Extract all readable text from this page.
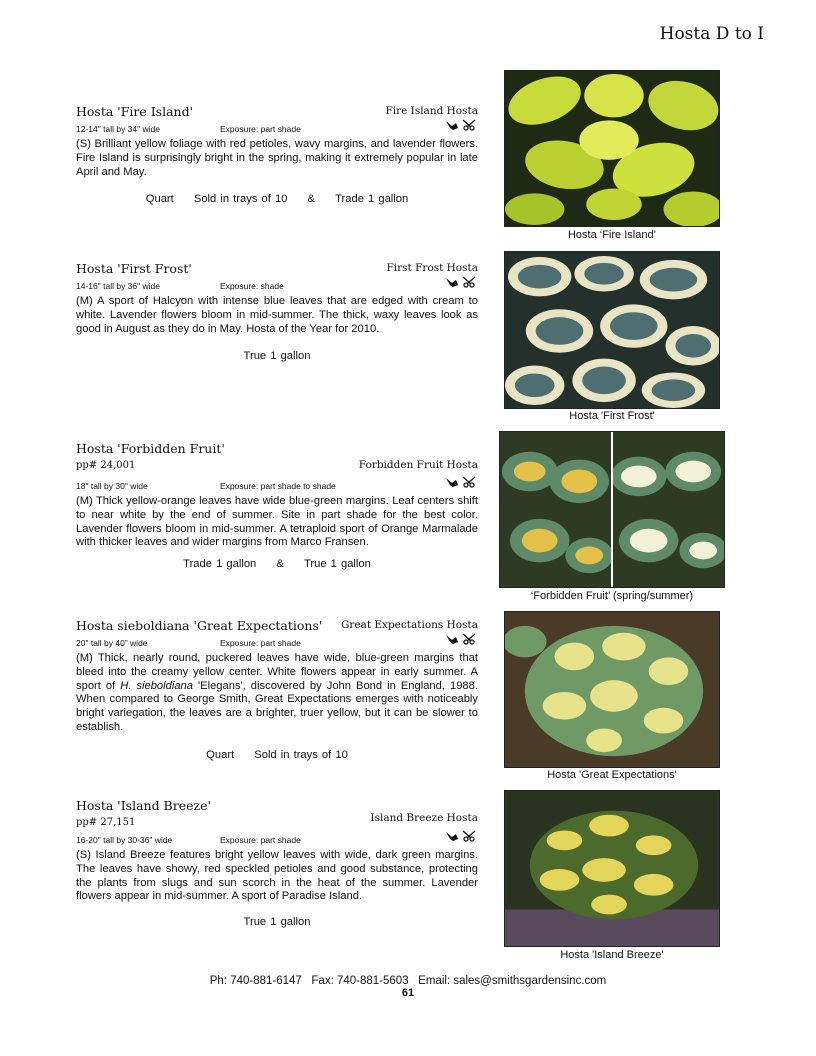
Hosta D to I
Hosta 'Fire Island'	Fire Island Hosta
12-14" tall by 34" wide	Exposure: part shade
(S) Brilliant yellow foliage with red petioles, wavy margins, and lavender flowers. Fire Island is surprisingly bright in the spring, making it extremely popular in late April and May.
Quart Sold in trays of 10 & Trade 1 gallon
Hosta ‘Fire Island’
Hosta 'First Frost'	First Frost Hosta
14-16" tall by 36" wide	Exposure: shade
(M) A sport of Halcyon with intense blue leaves that are edged with cream to white. Lavender flowers bloom in mid-summer. The thick, waxy leaves look as good in August as they do in May. Hosta of the Year for 2010.
True 1 gallon
Hosta 'First Frost'
Hosta 'Forbidden Fruit'
pp# 24,001	Forbidden Fruit Hosta
18" tall by 30" wide	Exposure: part shade to shade
(M) Thick yellow-orange leaves have wide blue-green margins. Leaf centers shift to near white by the end of summer. Site in part shade for the best color. Lavender flowers bloom in mid-summer. A tetraploid sport of Orange Marmalade with thicker leaves and wider margins from Marco Fransen.
Trade 1 gallon & True 1 gallon
‘Forbidden Fruit’ (spring/summer)
Hosta sieboldiana 'Great Expectations' Great Expectations Hosta
20" tall by 40” wide	Exposure: part shade
(M) Thick, nearly round, puckered leaves have wide, blue-green margins that bleed into the creamy yellow center. White flowers appear in early summer. A sport of H. sieboldiana 'Elegans', discovered by John Bond in England, 1988. When compared to George Smith, Great Expectations emerges with noticeably bright variegation, the leaves are a brighter, truer yellow, but it can be slower to establish.
Quart Sold in trays of 10
Hosta 'Great Expectations'
Hosta 'Island Breeze'
pp# 27,151	Island Breeze Hosta
16-20" tall by 30-36" wide	Exposure: part shade
(S) Island Breeze features bright yellow leaves with wide, dark green margins. The leaves have showy, red speckled petioles and good substance, protecting the plants from slugs and sun scorch in the heat of the summer. Lavender flowers appear in mid-summer. A sport of Paradise Island.
True 1 gallon
Hosta 'Island Breeze'
Ph: 740-881-6147   Fax: 740-881-5603   Email: sales@smithsgardensinc.com
61
